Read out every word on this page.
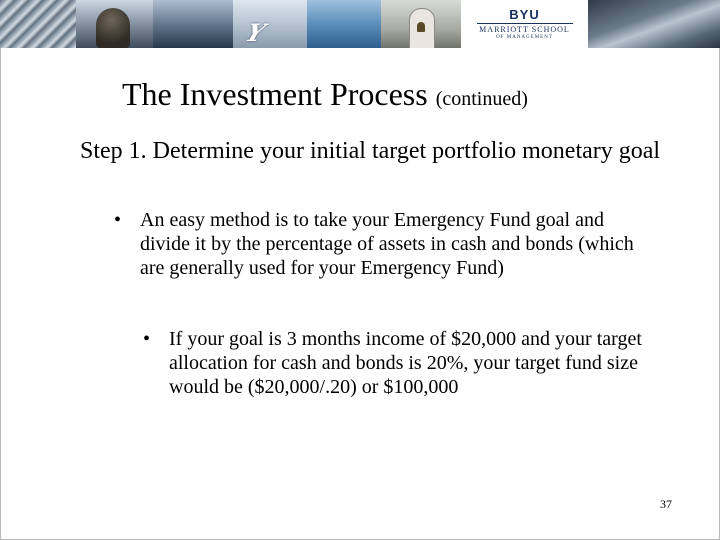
Y
BYU
MARRIOTT SCHOOL
OF MANAGEMENT
The Investment Process (continued)
Step 1. Determine your initial target portfolio monetary goal
• An easy method is to take your Emergency Fund goal and divide it by the percentage of assets in cash and bonds (which are generally used for your Emergency Fund)
• If your goal is 3 months income of $20,000 and your target allocation for cash and bonds is 20%, your target fund size would be ($20,000/.20) or $100,000
37
